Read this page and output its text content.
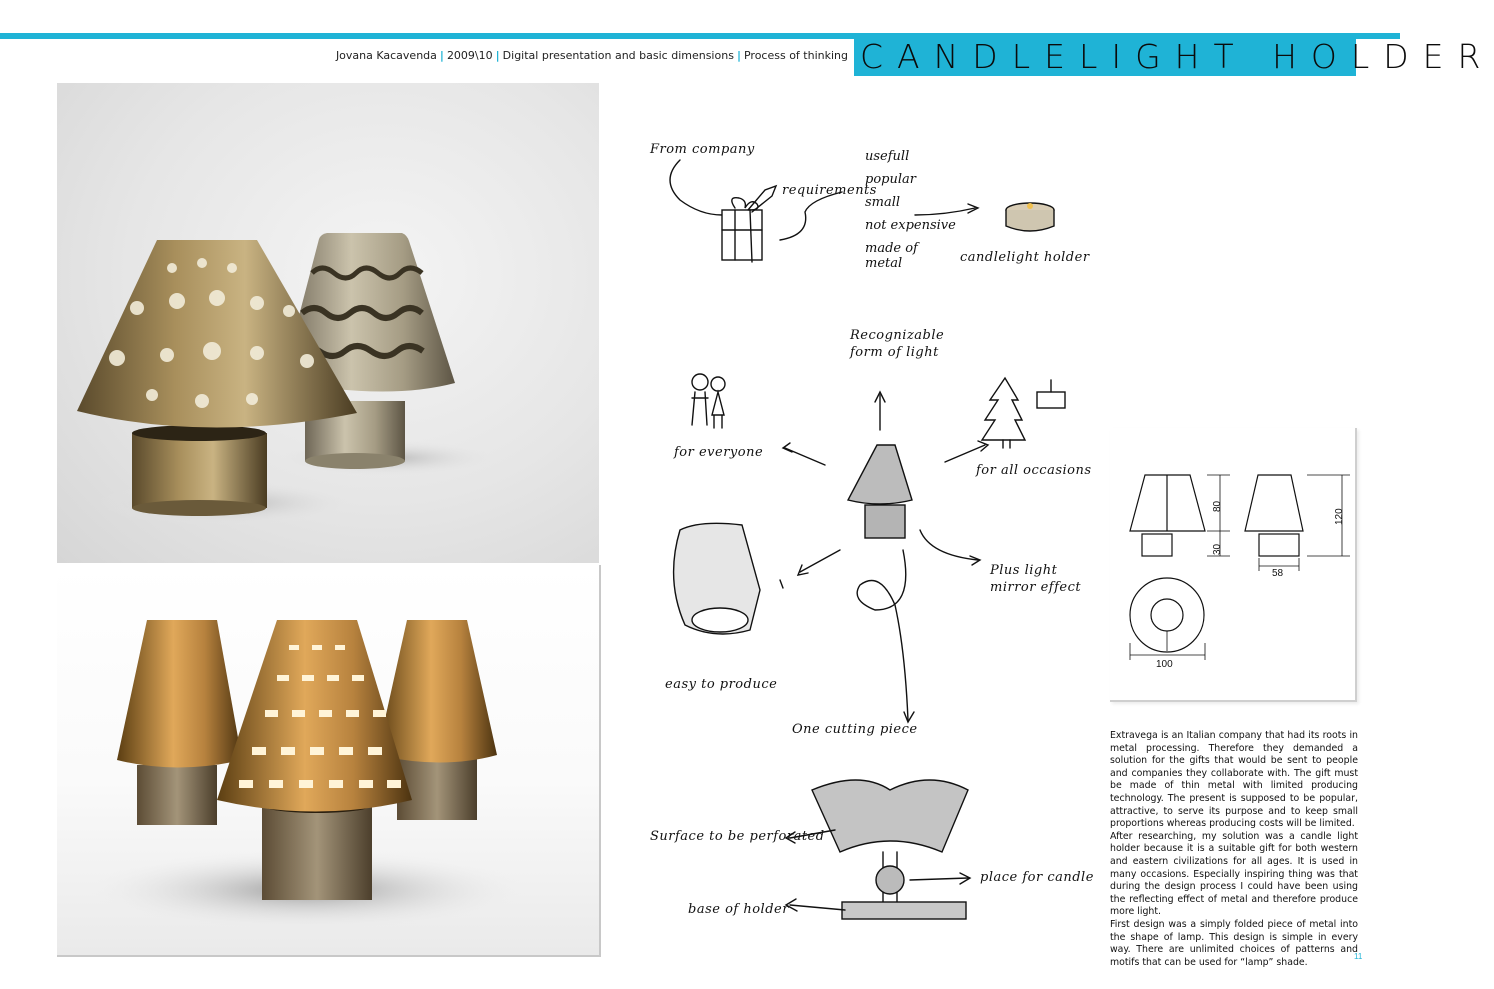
Jovana Kacavenda | 2009\10 | Digital presentation and basic dimensions | Process of thinking CANDLELIGHT HOLDER
From company
requirements
usefull
popular
small
not expensive
made of
metal	candlelight holder
Recognizable
form of light
for everyone
for all occasions
Plus light
mirror effect
easy to produce
One cutting piece
Surface to be perforated
place for candle
base of holder
80
30
120
58
100

Extravega is an Italian company that had its roots in metal processing. Therefore they demanded a solution for the gifts that would be sent to people and companies they collaborate with. The gift must be made of thin metal with limited producing technology. The present is supposed to be popular, attractive, to serve its purpose and to keep small proportions whereas producing costs will be limited.

After researching, my solution was a candle light holder because it is a suitable gift for both western and eastern civilizations for all ages. It is used in many occasions. Especially inspiring thing was that during the design process I could have been using the reflecting effect of metal and therefore produce more light.

First design was a simply folded piece of metal into the shape of lamp. This design is simple in every way. There are unlimited choices of patterns and motifs that can be used for “lamp” shade.

11
